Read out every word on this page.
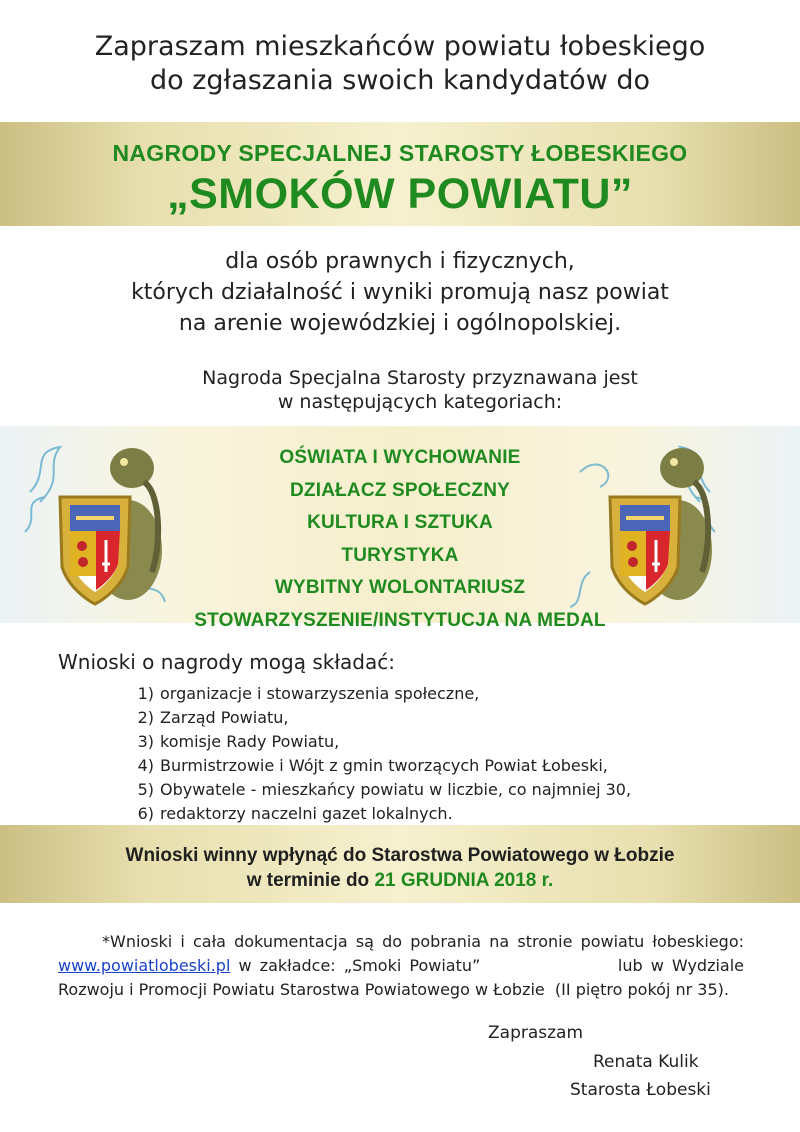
Zapraszam mieszkańców powiatu łobeskiego
do zgłaszania swoich kandydatów do
NAGRODY SPECJALNEJ STAROSTY ŁOBESKIEGO
„SMOKÓW POWIATU”
dla osób prawnych i fizycznych,
których działalność i wyniki promują nasz powiat
na arenie wojewódzkiej i ogólnopolskiej.
Nagroda Specjalna Starosty przyznawana jest
w następujących kategoriach:
OŚWIATA I WYCHOWANIE
DZIAŁACZ SPOŁECZNY
KULTURA I SZTUKA
TURYSTYKA
WYBITNY WOLONTARIUSZ
STOWARZYSZENIE/INSTYTUCJA NA MEDAL
Wnioski o nagrody mogą składać:
1) organizacje i stowarzyszenia społeczne,
2) Zarząd Powiatu,
3) komisje Rady Powiatu,
4) Burmistrzowie i Wójt z gmin tworzących Powiat Łobeski,
5) Obywatele - mieszkańcy powiatu w liczbie, co najmniej 30,
6) redaktorzy naczelni gazet lokalnych.
Wnioski winny wpłynąć do Starostwa Powiatowego w Łobzie
w terminie do 21 GRUDNIA 2018 r.
*Wnioski i cała dokumentacja są do pobrania na stronie powiatu łobeskiego: www.powiatlobeski.pl w zakładce: „Smoki Powiatu”                 lub w Wydziale Rozwoju i Promocji Powiatu Starostwa Powiatowego w Łobzie  (II piętro pokój nr 35).
Zapraszam
Renata Kulik
Starosta Łobeski
